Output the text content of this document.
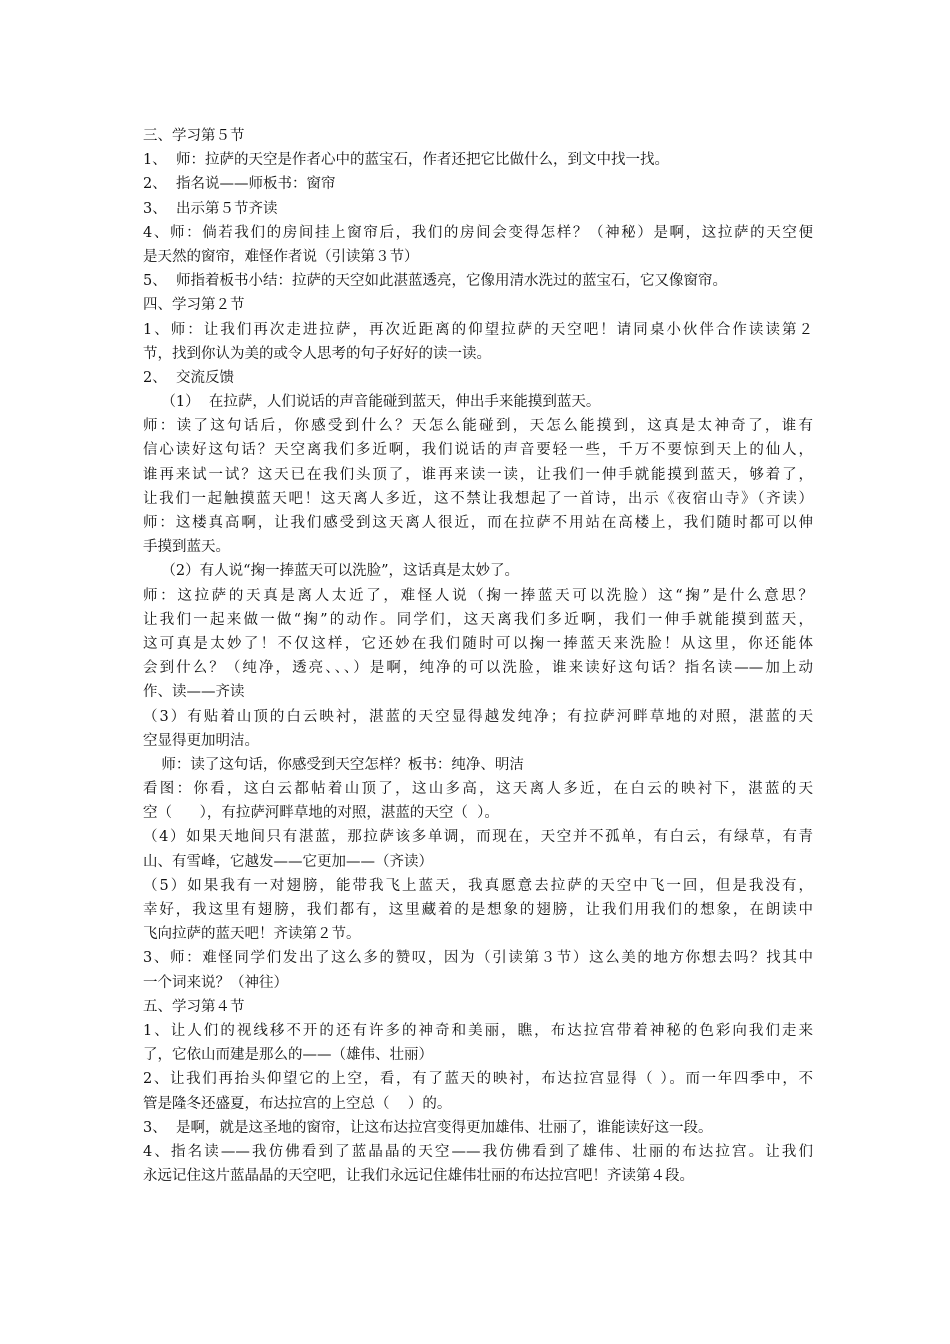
三、学习第５节
1、  师：拉萨的天空是作者心中的蓝宝石，作者还把它比做什么，到文中找一找。
2、  指名说——师板书：窗帘
3、  出示第５节齐读
4、师：倘若我们的房间挂上窗帘后，我们的房间会变得怎样？（神秘）是啊，这拉萨的天空便
是天然的窗帘，难怪作者说（引读第３节）
5、  师指着板书小结：拉萨的天空如此湛蓝透亮，它像用清水洗过的蓝宝石，它又像窗帘。
四、学习第２节
1、师：让我们再次走进拉萨，再次近距离的仰望拉萨的天空吧！请同桌小伙伴合作读读第２
节，找到你认为美的或令人思考的句子好好的读一读。
2、  交流反馈
（1）  在拉萨，人们说话的声音能碰到蓝天，伸出手来能摸到蓝天。
师：读了这句话后，你感受到什么？天怎么能碰到，天怎么能摸到，这真是太神奇了，谁有
信心读好这句话？天空离我们多近啊，我们说话的声音要轻一些，千万不要惊到天上的仙人，
谁再来试一试？这天已在我们头顶了，谁再来读一读，让我们一伸手就能摸到蓝天，够着了，
让我们一起触摸蓝天吧！这天离人多近，这不禁让我想起了一首诗，出示《夜宿山寺》（齐读）
师：这楼真高啊，让我们感受到这天离人很近，而在拉萨不用站在高楼上，我们随时都可以伸
手摸到蓝天。
（2）有人说“掬一捧蓝天可以洗脸”，这话真是太妙了。
师：这拉萨的天真是离人太近了，难怪人说（掬一捧蓝天可以洗脸）这“掬”是什么意思？
让我们一起来做一做“掬”的动作。同学们，这天离我们多近啊，我们一伸手就能摸到蓝天，
这可真是太妙了！不仅这样，它还妙在我们随时可以掬一捧蓝天来洗脸！从这里，你还能体
会到什么？（纯净，透亮、、、）是啊，纯净的可以洗脸，谁来读好这句话？指名读——加上动
作、读——齐读
（3）有贴着山顶的白云映衬，湛蓝的天空显得越发纯净；有拉萨河畔草地的对照，湛蓝的天
空显得更加明洁。
师：读了这句话，你感受到天空怎样？板书：纯净、明洁
看图：你看，这白云都帖着山顶了，这山多高，这天离人多近，在白云的映衬下，湛蓝的天
空（      ），有拉萨河畔草地的对照，湛蓝的天空（  ）。
（4）如果天地间只有湛蓝，那拉萨该多单调，而现在，天空并不孤单，有白云，有绿草，有青
山、有雪峰，它越发——它更加——（齐读）
（5）如果我有一对翅膀，能带我飞上蓝天，我真愿意去拉萨的天空中飞一回，但是我没有，
幸好，我这里有翅膀，我们都有，这里藏着的是想象的翅膀，让我们用我们的想象，在朗读中
飞向拉萨的蓝天吧！齐读第２节。
3、师：难怪同学们发出了这么多的赞叹，因为（引读第３节）这么美的地方你想去吗？找其中
一个词来说？（神往）
五、学习第４节
1、让人们的视线移不开的还有许多的神奇和美丽，瞧，布达拉宫带着神秘的色彩向我们走来
了，它依山而建是那么的——（雄伟、壮丽）
2、让我们再抬头仰望它的上空，看，有了蓝天的映衬，布达拉宫显得（ ）。而一年四季中，不
管是隆冬还盛夏，布达拉宫的上空总（    ）的。
3、  是啊，就是这圣地的窗帘，让这布达拉宫变得更加雄伟、壮丽了，谁能读好这一段。
4、指名读——我仿佛看到了蓝晶晶的天空——我仿佛看到了雄伟、壮丽的布达拉宫。让我们
永远记住这片蓝晶晶的天空吧，让我们永远记住雄伟壮丽的布达拉宫吧！齐读第４段。
